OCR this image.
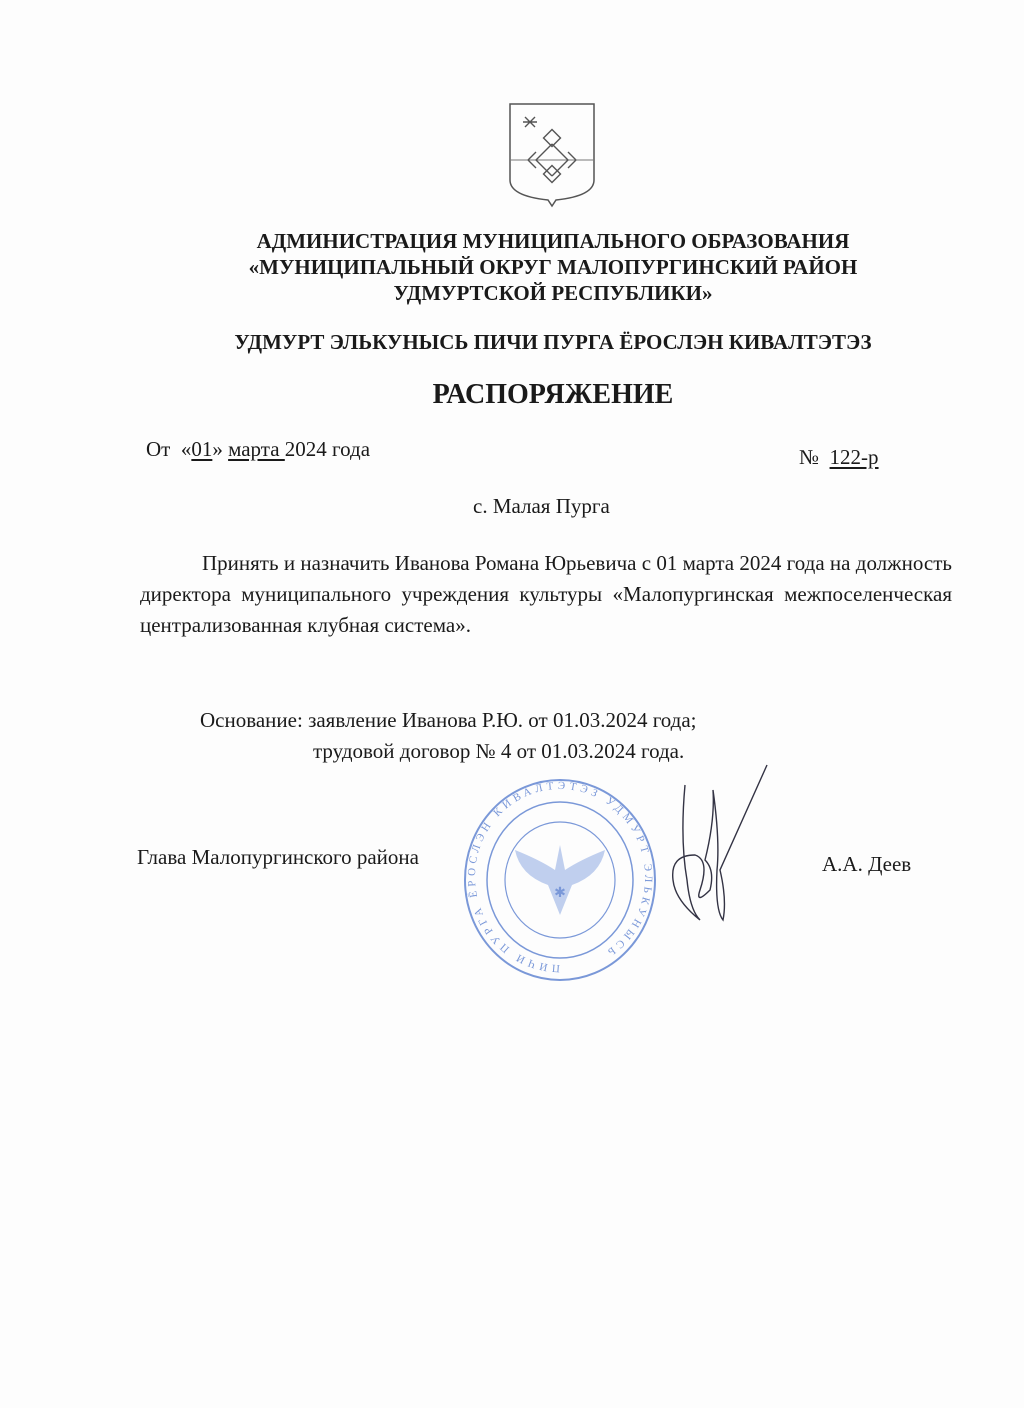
АДМИНИСТРАЦИЯ МУНИЦИПАЛЬНОГО ОБРАЗОВАНИЯ
«МУНИЦИПАЛЬНЫЙ ОКРУГ МАЛОПУРГИНСКИЙ РАЙОН
УДМУРТСКОЙ РЕСПУБЛИКИ»
УДМУРТ ЭЛЬКУНЫСЬ ПИЧИ ПУРГА ЁРОСЛЭН КИВАЛТЭТЭЗ
РАСПОРЯЖЕНИЕ
От «01» марта 2024 года	№ 122-р
с. Малая Пурга
Принять и назначить Иванова Романа Юрьевича с 01 марта 2024 года на должность директора муниципального учреждения культуры «Малопургинская межпоселенческая централизованная клубная система».
Основание: заявление Иванова Р.Ю. от 01.03.2024 года;
трудовой договор № 4 от 01.03.2024 года.
Глава Малопургинского района	А.А. Деев
✱
ПИЧИ ПУРГА ЁРОСЛЭН КИВАЛТЭТЭЗ УДМУРТ ЭЛЬКУНЫСЬ
